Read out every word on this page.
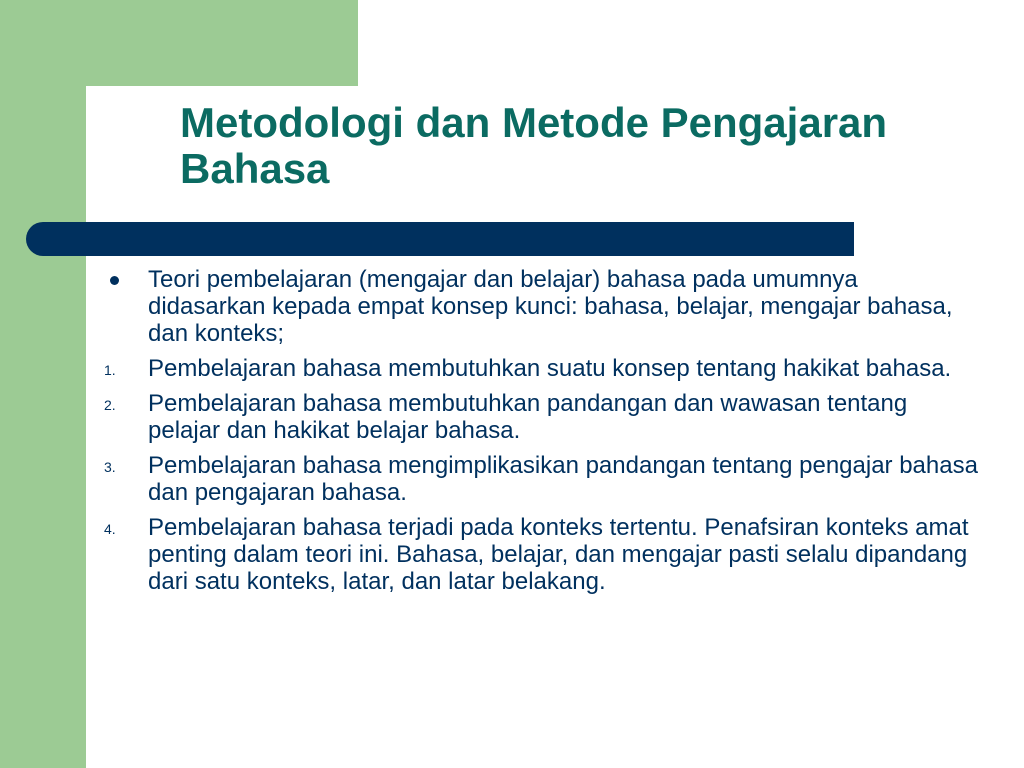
Metodologi dan Metode Pengajaran Bahasa
Teori pembelajaran (mengajar dan belajar) bahasa pada umumnya didasarkan kepada empat konsep kunci: bahasa, belajar, mengajar bahasa, dan konteks;
1.	Pembelajaran bahasa membutuhkan suatu konsep tentang hakikat bahasa.
2.	Pembelajaran bahasa membutuhkan pandangan dan wawasan tentang pelajar dan hakikat belajar bahasa.
3.	Pembelajaran bahasa mengimplikasikan pandangan tentang pengajar bahasa dan pengajaran bahasa.
4.	Pembelajaran bahasa terjadi pada konteks tertentu. Penafsiran konteks amat penting dalam teori ini. Bahasa, belajar, dan mengajar pasti selalu dipandang dari satu konteks, latar, dan latar belakang.
